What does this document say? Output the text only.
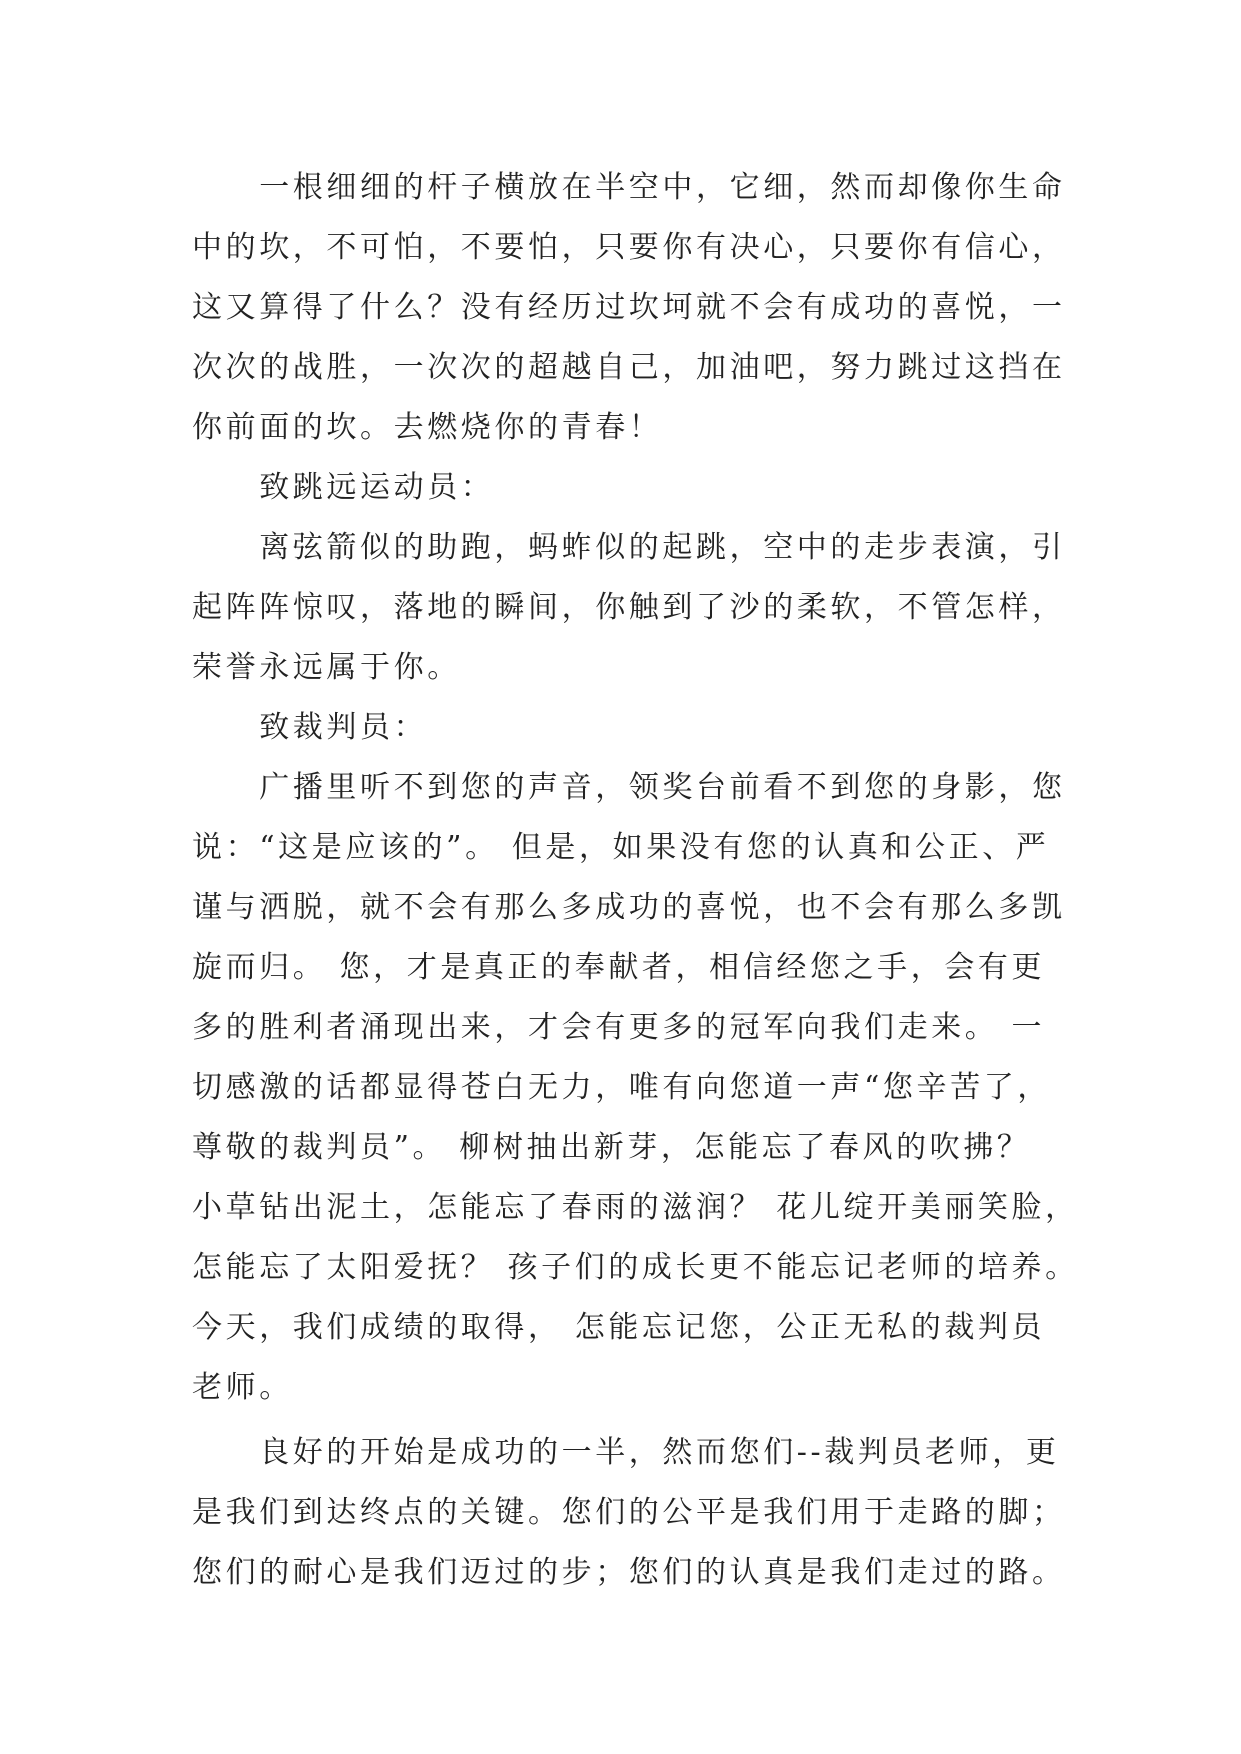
　　一根细细的杆子横放在半空中，它细，然而却像你生命
中的坎，不可怕，不要怕，只要你有决心，只要你有信心，
这又算得了什么？没有经历过坎坷就不会有成功的喜悦，一
次次的战胜，一次次的超越自己，加油吧，努力跳过这挡在
你前面的坎。去燃烧你的青春！
　　致跳远运动员：
　　离弦箭似的助跑，蚂蚱似的起跳，空中的走步表演，引
起阵阵惊叹，落地的瞬间，你触到了沙的柔软，不管怎样，
荣誉永远属于你。
　　致裁判员：
　　广播里听不到您的声音，领奖台前看不到您的身影，您
说：“这是应该的”。 但是，如果没有您的认真和公正、严
谨与洒脱，就不会有那么多成功的喜悦，也不会有那么多凯
旋而归。 您，才是真正的奉献者，相信经您之手，会有更
多的胜利者涌现出来，才会有更多的冠军向我们走来。 一
切感激的话都显得苍白无力，唯有向您道一声“您辛苦了，
尊敬的裁判员”。 柳树抽出新芽，怎能忘了春风的吹拂？
小草钻出泥土，怎能忘了春雨的滋润？ 花儿绽开美丽笑脸，
怎能忘了太阳爱抚？ 孩子们的成长更不能忘记老师的培养。
今天，我们成绩的取得， 怎能忘记您，公正无私的裁判员
老师。
　　良好的开始是成功的一半，然而您们--裁判员老师，更
是我们到达终点的关键。您们的公平是我们用于走路的脚；
您们的耐心是我们迈过的步；您们的认真是我们走过的路。
